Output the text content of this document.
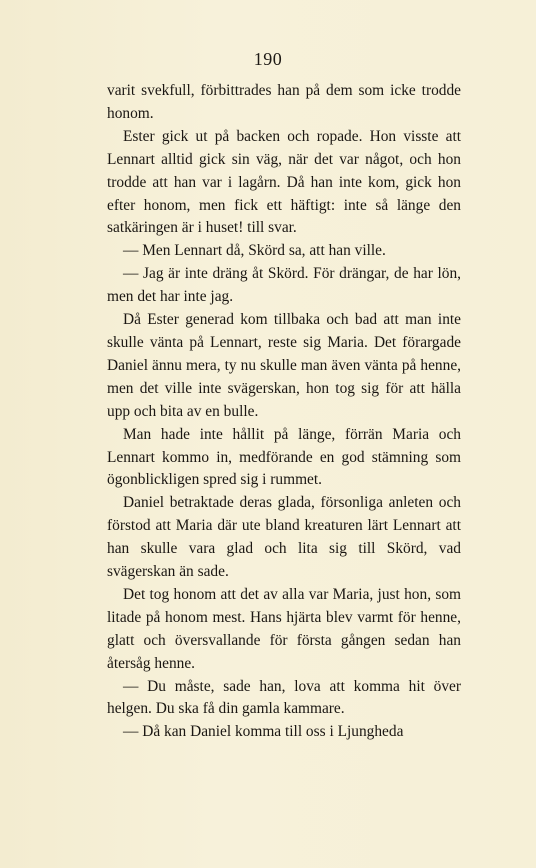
190

varit svekfull, förbittrades han på dem som icke trodde honom.

Ester gick ut på backen och ropade. Hon visste att Lennart alltid gick sin väg, när det var något, och hon trodde att han var i lagårn. Då han inte kom, gick hon efter honom, men fick ett häftigt: inte så länge den satkäringen är i huset! till svar.

— Men Lennart då, Skörd sa, att han ville.

— Jag är inte dräng åt Skörd. För drängar, de har lön, men det har inte jag.

Då Ester generad kom tillbaka och bad att man inte skulle vänta på Lennart, reste sig Maria. Det förargade Daniel ännu mera, ty nu skulle man även vänta på henne, men det ville inte svägerskan, hon tog sig för att hälla upp och bita av en bulle.

Man hade inte hållit på länge, förrän Maria och Lennart kommo in, medförande en god stämning som ögonblickligen spred sig i rummet.

Daniel betraktade deras glada, försonliga anleten och förstod att Maria där ute bland kreaturen lärt Lennart att han skulle vara glad och lita sig till Skörd, vad svägerskan än sade.

Det tog honom att det av alla var Maria, just hon, som litade på honom mest. Hans hjärta blev varmt för henne, glatt och översvallande för första gången sedan han återsåg henne.

— Du måste, sade han, lova att komma hit över helgen. Du ska få din gamla kammare.

— Då kan Daniel komma till oss i Ljungheda
